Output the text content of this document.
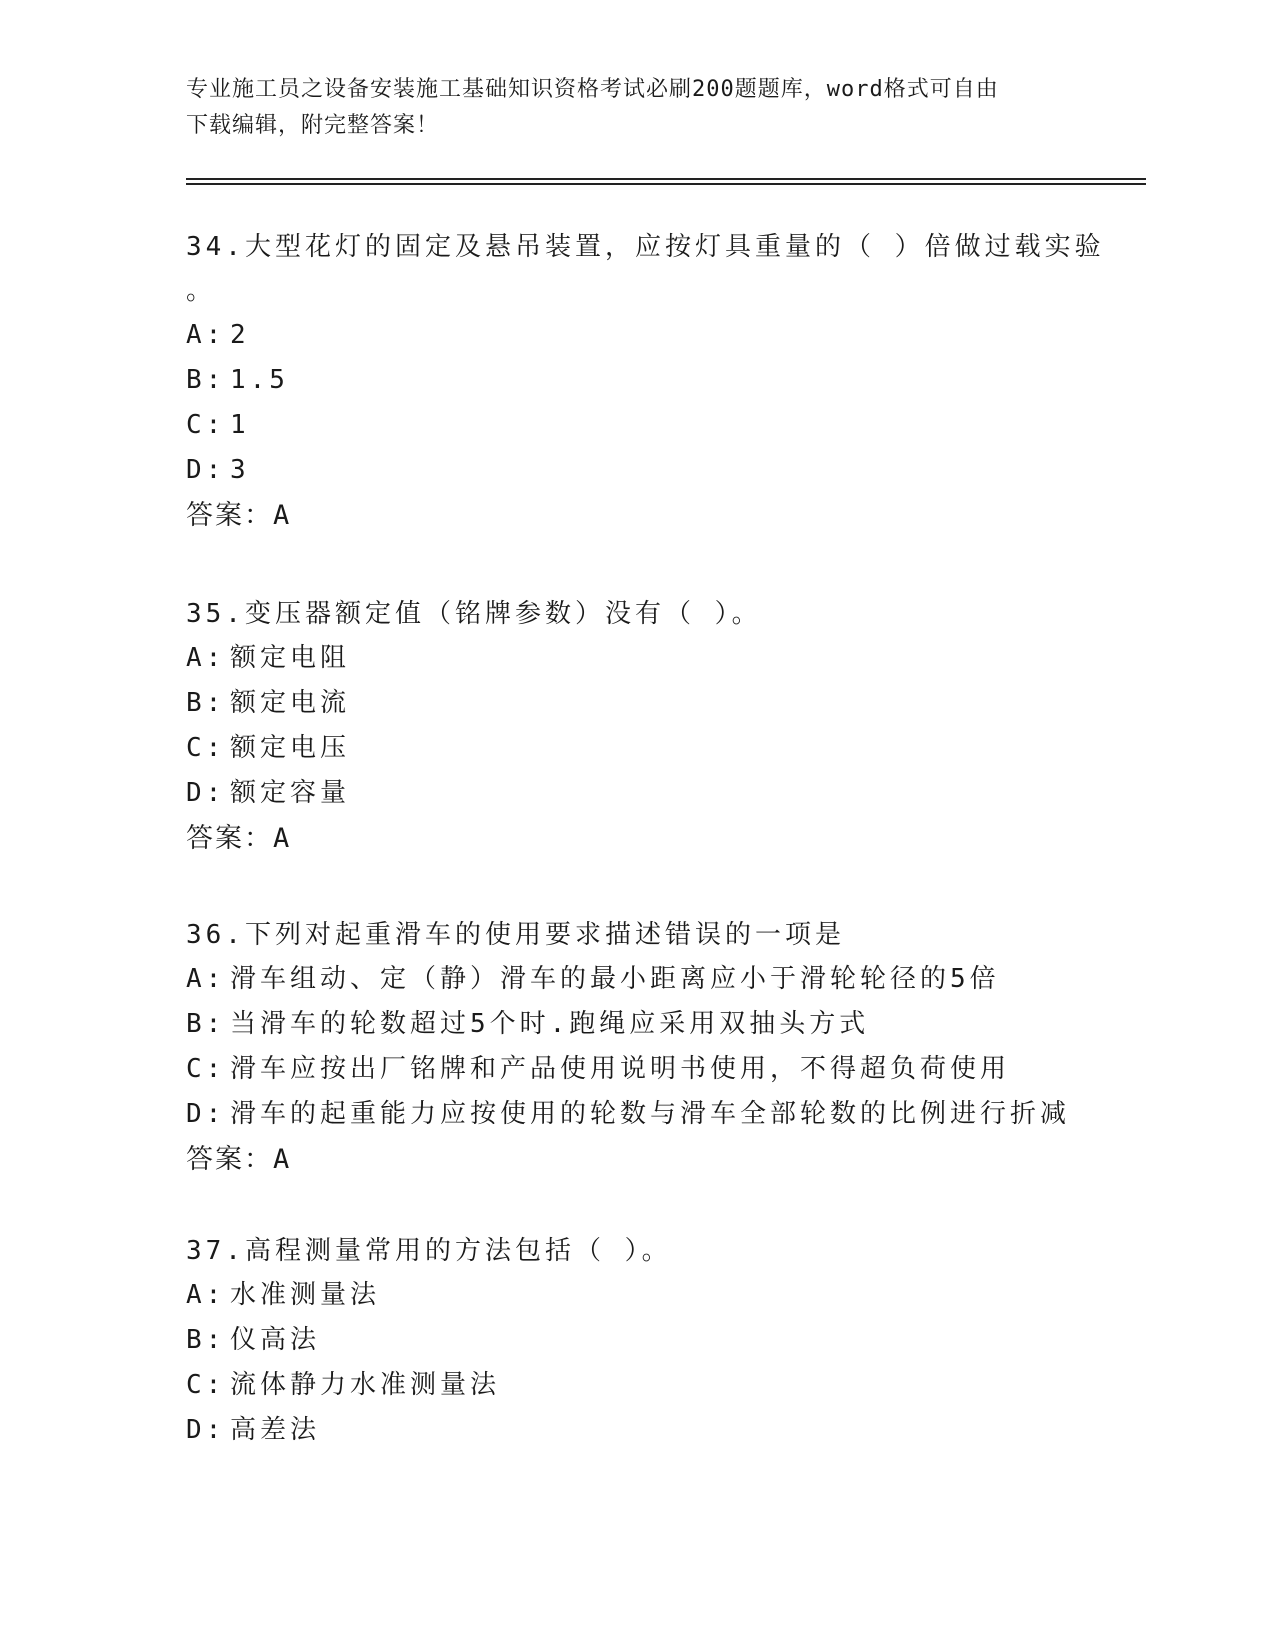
专业施工员之设备安装施工基础知识资格考试必刷200题题库，word格式可自由
下载编辑，附完整答案！
34.大型花灯的固定及悬吊装置，应按灯具重量的（ ）倍做过载实验
。
A: 2
B: 1.5
C: 1
D: 3
答案：A
35.变压器额定值（铭牌参数）没有（ ）。
A: 额定电阻
B: 额定电流
C: 额定电压
D: 额定容量
答案：A
36.下列对起重滑车的使用要求描述错误的一项是
A: 滑车组动、定（静）滑车的最小距离应小于滑轮轮径的5倍
B: 当滑车的轮数超过5个时.跑绳应采用双抽头方式
C: 滑车应按出厂铭牌和产品使用说明书使用，不得超负荷使用
D: 滑车的起重能力应按使用的轮数与滑车全部轮数的比例进行折减
答案：A
37.高程测量常用的方法包括（ ）。
A: 水准测量法
B: 仪高法
C: 流体静力水准测量法
D: 高差法
